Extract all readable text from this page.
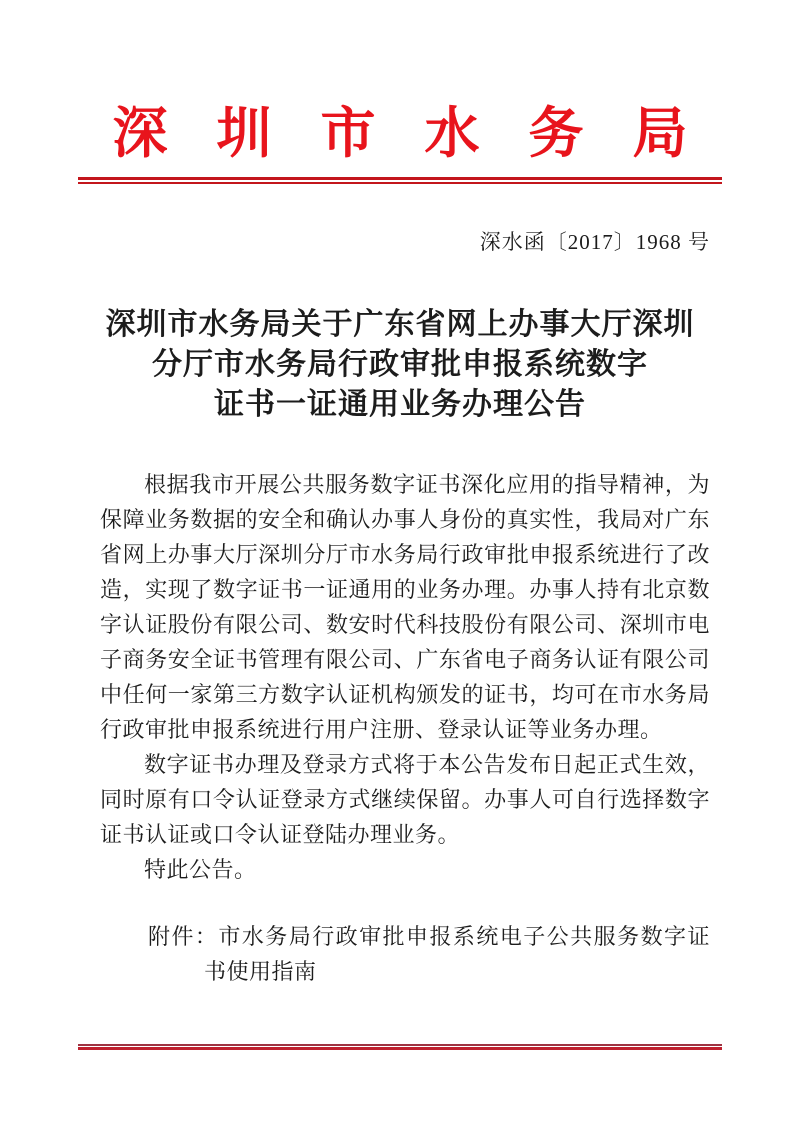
深圳市水务局
深水函〔2017〕1968 号
深圳市水务局关于广东省网上办事大厅深圳
分厅市水务局行政审批申报系统数字
证书一证通用业务办理公告

根据我市开展公共服务数字证书深化应用的指导精神，为保障业务数据的安全和确认办事人身份的真实性，我局对广东省网上办事大厅深圳分厅市水务局行政审批申报系统进行了改造，实现了数字证书一证通用的业务办理。办事人持有北京数字认证股份有限公司、数安时代科技股份有限公司、深圳市电子商务安全证书管理有限公司、广东省电子商务认证有限公司中任何一家第三方数字认证机构颁发的证书，均可在市水务局行政审批申报系统进行用户注册、登录认证等业务办理。

数字证书办理及登录方式将于本公告发布日起正式生效，同时原有口令认证登录方式继续保留。办事人可自行选择数字证书认证或口令认证登陆办理业务。

特此公告。

附件：市水务局行政审批申报系统电子公共服务数字证书使用指南
